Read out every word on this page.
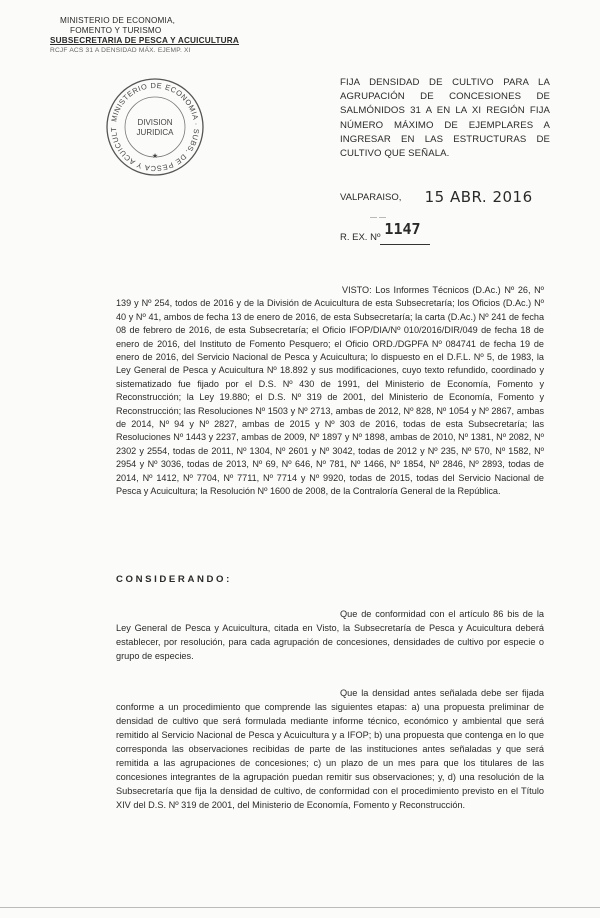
MINISTERIO DE ECONOMIA,
FOMENTO Y TURISMO
SUBSECRETARIA DE PESCA Y ACUICULTURA
RCJF ACS 31 A DENSIDAD MÁX. EJEMP. XI
MINISTERIO DE ECONOMIA · SUBS. DE PESCA Y ACUICULT
DIVISION
JURIDICA
★
FIJA DENSIDAD DE CULTIVO PARA LA AGRUPACIÓN DE CONCESIONES DE SALMÓNIDOS 31 A EN LA XI REGIÓN FIJA NÚMERO MÁXIMO DE EJEMPLARES A INGRESAR EN LAS ESTRUCTURAS DE CULTIVO QUE SEÑALA.
VALPARAISO, 15 ABR. 2016
— —
R. EX. Nº 1147
VISTO: Los Informes Técnicos (D.Ac.) Nº 26, Nº 139 y Nº 254, todos de 2016 y de la División de Acuicultura de esta Subsecretaría; los Oficios (D.Ac.) Nº 40 y Nº 41, ambos de fecha 13 de enero de 2016, de esta Subsecretaría; la carta (D.Ac.) Nº 241 de fecha 08 de febrero de 2016, de esta Subsecretaría; el Oficio IFOP/DIA/Nº 010/2016/DIR/049 de fecha 18 de enero de 2016, del Instituto de Fomento Pesquero; el Oficio ORD./DGPFA Nº 084741 de fecha 19 de enero de 2016, del Servicio Nacional de Pesca y Acuicultura; lo dispuesto en el D.F.L. Nº 5, de 1983, la Ley General de Pesca y Acuicultura Nº 18.892 y sus modificaciones, cuyo texto refundido, coordinado y sistematizado fue fijado por el D.S. Nº 430 de 1991, del Ministerio de Economía, Fomento y Reconstrucción; la Ley 19.880; el D.S. Nº 319 de 2001, del Ministerio de Economía, Fomento y Reconstrucción; las Resoluciones Nº 1503 y Nº 2713, ambas de 2012, Nº 828, Nº 1054 y Nº 2867, ambas de 2014, Nº 94 y Nº 2827, ambas de 2015 y Nº 303 de 2016, todas de esta Subsecretaría; las Resoluciones Nº 1443 y 2237, ambas de 2009, Nº 1897 y Nº 1898, ambas de 2010, Nº 1381, Nº 2082, Nº 2302 y 2554, todas de 2011, Nº 1304, Nº 2601 y Nº 3042, todas de 2012 y Nº 235, Nº 570, Nº 1582, Nº 2954 y Nº 3036, todas de 2013, Nº 69, Nº 646, Nº 781, Nº 1466, Nº 1854, Nº 2846, Nº 2893, todas de 2014, Nº 1412, Nº 7704, Nº 7711, Nº 7714 y Nº 9920, todas de 2015, todas del Servicio Nacional de Pesca y Acuicultura; la Resolución Nº 1600 de 2008, de la Contraloría General de la República.
CONSIDERANDO:
Que de conformidad con el artículo 86 bis de la Ley General de Pesca y Acuicultura, citada en Visto, la Subsecretaría de Pesca y Acuicultura deberá establecer, por resolución, para cada agrupación de concesiones, densidades de cultivo por especie o grupo de especies.
Que la densidad antes señalada debe ser fijada conforme a un procedimiento que comprende las siguientes etapas: a) una propuesta preliminar de densidad de cultivo que será formulada mediante informe técnico, económico y ambiental que será remitido al Servicio Nacional de Pesca y Acuicultura y a IFOP; b) una propuesta que contenga en lo que corresponda las observaciones recibidas de parte de las instituciones antes señaladas y que será remitida a las agrupaciones de concesiones; c) un plazo de un mes para que los titulares de las concesiones integrantes de la agrupación puedan remitir sus observaciones; y, d) una resolución de la Subsecretaría que fija la densidad de cultivo, de conformidad con el procedimiento previsto en el Título XIV del D.S. Nº 319 de 2001, del Ministerio de Economía, Fomento y Reconstrucción.
